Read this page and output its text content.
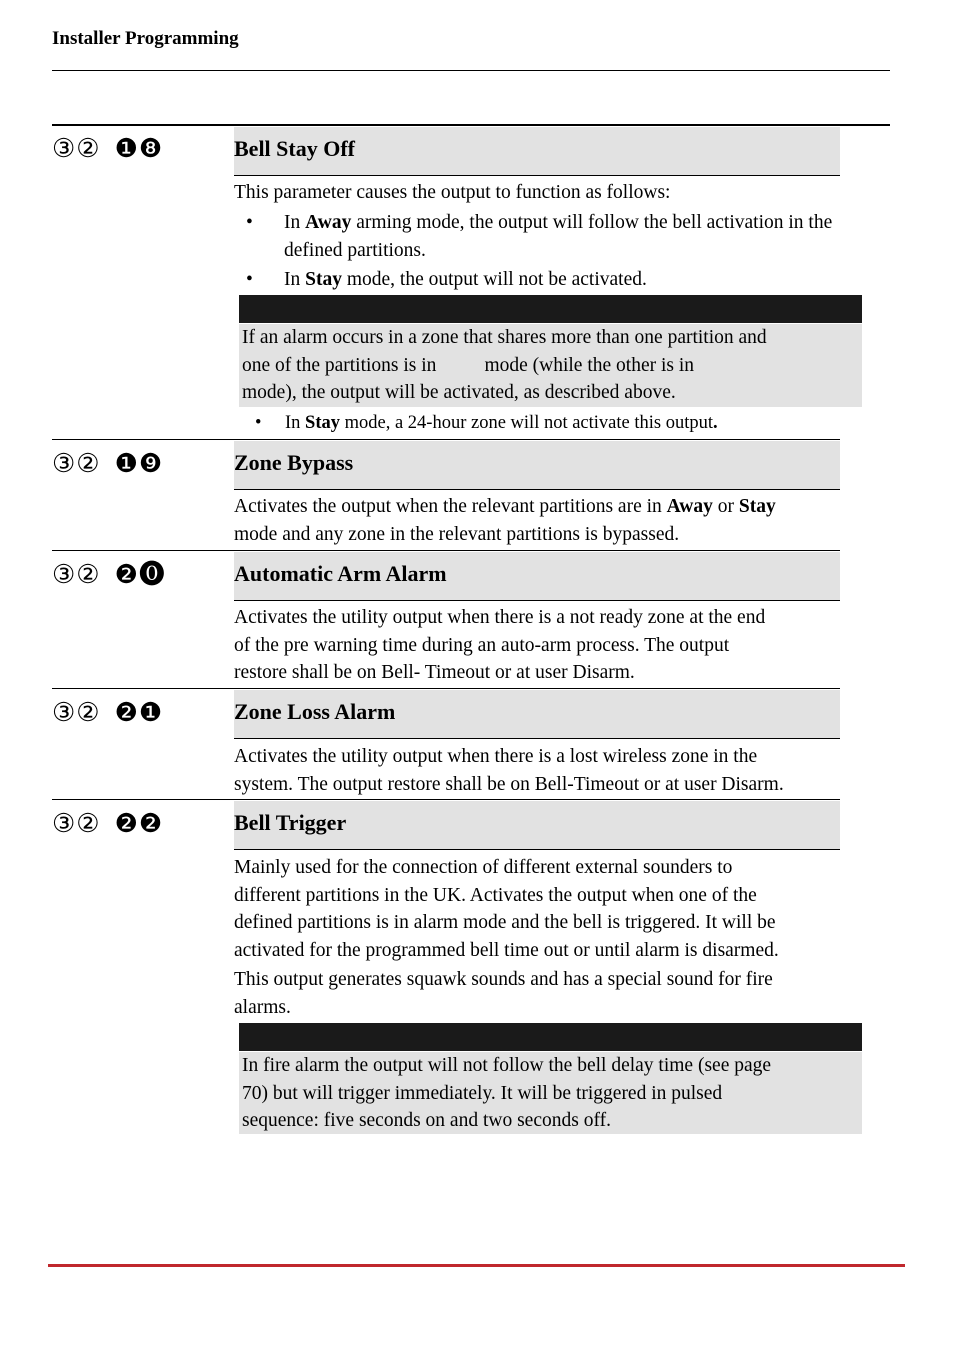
Installer Programming
③② ❶❽	Bell Stay Off
This parameter causes the output to function as follows:
• In Away arming mode, the output will follow the bell activation in the defined partitions.
• In Stay mode, the output will not be activated.
If an alarm occurs in a zone that shares more than one partition and
one of the partitions is in mode (while the other is in
mode), the output will be activated, as described above.
• In Stay mode, a 24-hour zone will not activate this output.
③② ❶❾	Zone Bypass
Activates the output when the relevant partitions are in Away or Stay
mode and any zone in the relevant partitions is bypassed.
③② ❷⓿	Automatic Arm Alarm
Activates the utility output when there is a not ready zone at the end
of the pre warning time during an auto-arm process. The output
restore shall be on Bell- Timeout or at user Disarm.
③② ❷❶	Zone Loss Alarm
Activates the utility output when there is a lost wireless zone in the
system. The output restore shall be on Bell-Timeout or at user Disarm.
③② ❷❷	Bell Trigger
Mainly used for the connection of different external sounders to
different partitions in the UK. Activates the output when one of the
defined partitions is in alarm mode and the bell is triggered. It will be
activated for the programmed bell time out or until alarm is disarmed.
This output generates squawk sounds and has a special sound for fire
alarms.
In fire alarm the output will not follow the bell delay time (see page
70) but will trigger immediately. It will be triggered in pulsed
sequence: five seconds on and two seconds off.
